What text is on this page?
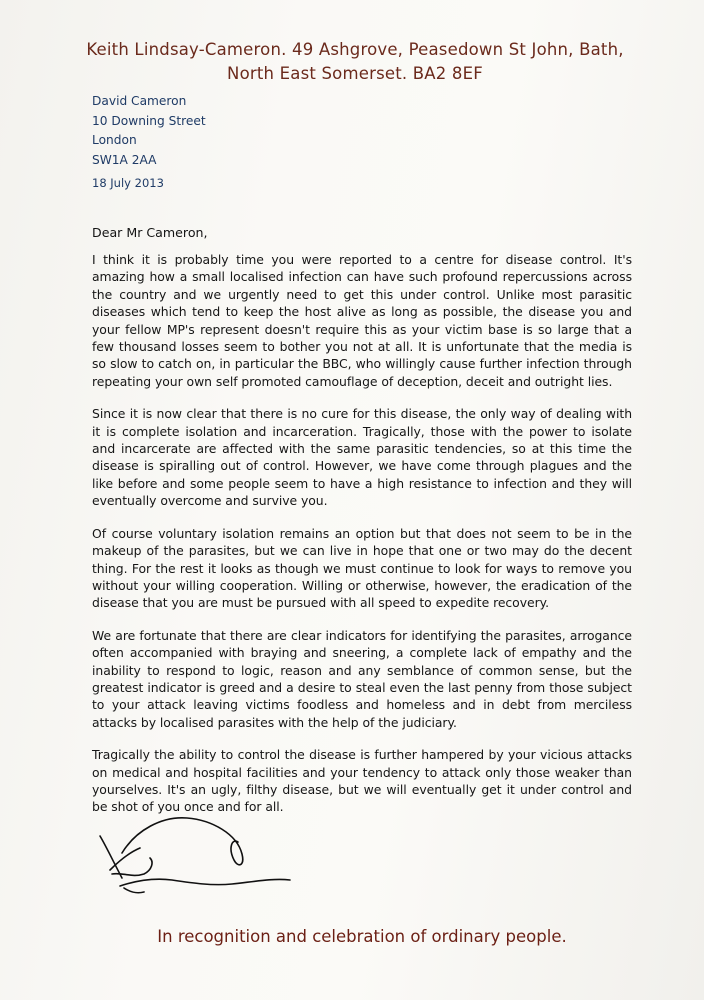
Keith Lindsay-Cameron. 49 Ashgrove, Peasedown St John, Bath,
North East Somerset. BA2 8EF
David Cameron
10 Downing Street
London
SW1A 2AA
18 July 2013
Dear Mr Cameron,

I think it is probably time you were reported to a centre for disease control. It's amazing how a small localised infection can have such profound repercussions across the country and we urgently need to get this under control. Unlike most parasitic diseases which tend to keep the host alive as long as possible, the disease you and your fellow MP's represent doesn't require this as your victim base is so large that a few thousand losses seem to bother you not at all. It is unfortunate that the media is so slow to catch on, in particular the BBC, who willingly cause further infection through repeating your own self promoted camouflage of deception, deceit and outright lies.

Since it is now clear that there is no cure for this disease, the only way of dealing with it is complete isolation and incarceration. Tragically, those with the power to isolate and incarcerate are affected with the same parasitic tendencies, so at this time the disease is spiralling out of control. However, we have come through plagues and the like before and some people seem to have a high resistance to infection and they will eventually overcome and survive you.

Of course voluntary isolation remains an option but that does not seem to be in the makeup of the parasites, but we can live in hope that one or two may do the decent thing. For the rest it looks as though we must continue to look for ways to remove you without your willing cooperation. Willing or otherwise, however, the eradication of the disease that you are must be pursued with all speed to expedite recovery.

We are fortunate that there are clear indicators for identifying the parasites, arrogance often accompanied with braying and sneering, a complete lack of empathy and the inability to respond to logic, reason and any semblance of common sense, but the greatest indicator is greed and a desire to steal even the last penny from those subject to your attack leaving victims foodless and homeless and in debt from merciless attacks by localised parasites with the help of the judiciary.

Tragically the ability to control the disease is further hampered by your vicious attacks on medical and hospital facilities and your tendency to attack only those weaker than yourselves. It's an ugly, filthy disease, but we will eventually get it under control and be shot of you once and for all.

In recognition and celebration of ordinary people.
